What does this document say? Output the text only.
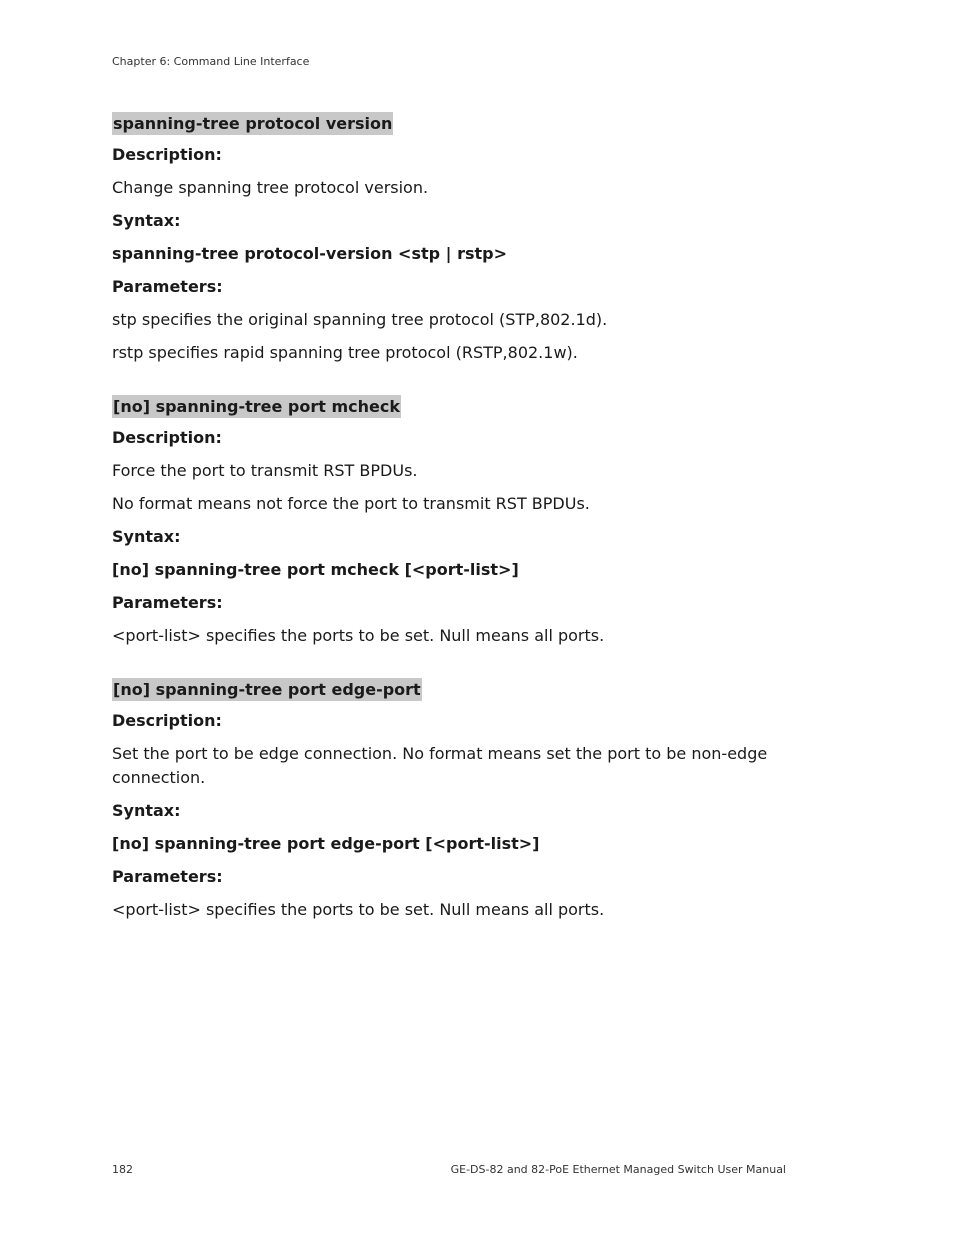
Chapter 6: Command Line Interface
spanning-tree protocol version
Description:
Change spanning tree protocol version.
Syntax:
spanning-tree protocol-version <stp | rstp>
Parameters:
stp specifies the original spanning tree protocol (STP,802.1d).
rstp specifies rapid spanning tree protocol (RSTP,802.1w).
[no] spanning-tree port mcheck
Description:
Force the port to transmit RST BPDUs.
No format means not force the port to transmit RST BPDUs.
Syntax:
[no] spanning-tree port mcheck [<port-list>]
Parameters:
<port-list> specifies the ports to be set. Null means all ports.
[no] spanning-tree port edge-port
Description:
Set the port to be edge connection. No format means set the port to be non-edge connection.
Syntax:
[no] spanning-tree port edge-port [<port-list>]
Parameters:
<port-list> specifies the ports to be set. Null means all ports.
182	GE-DS-82 and 82-PoE Ethernet Managed Switch User Manual
